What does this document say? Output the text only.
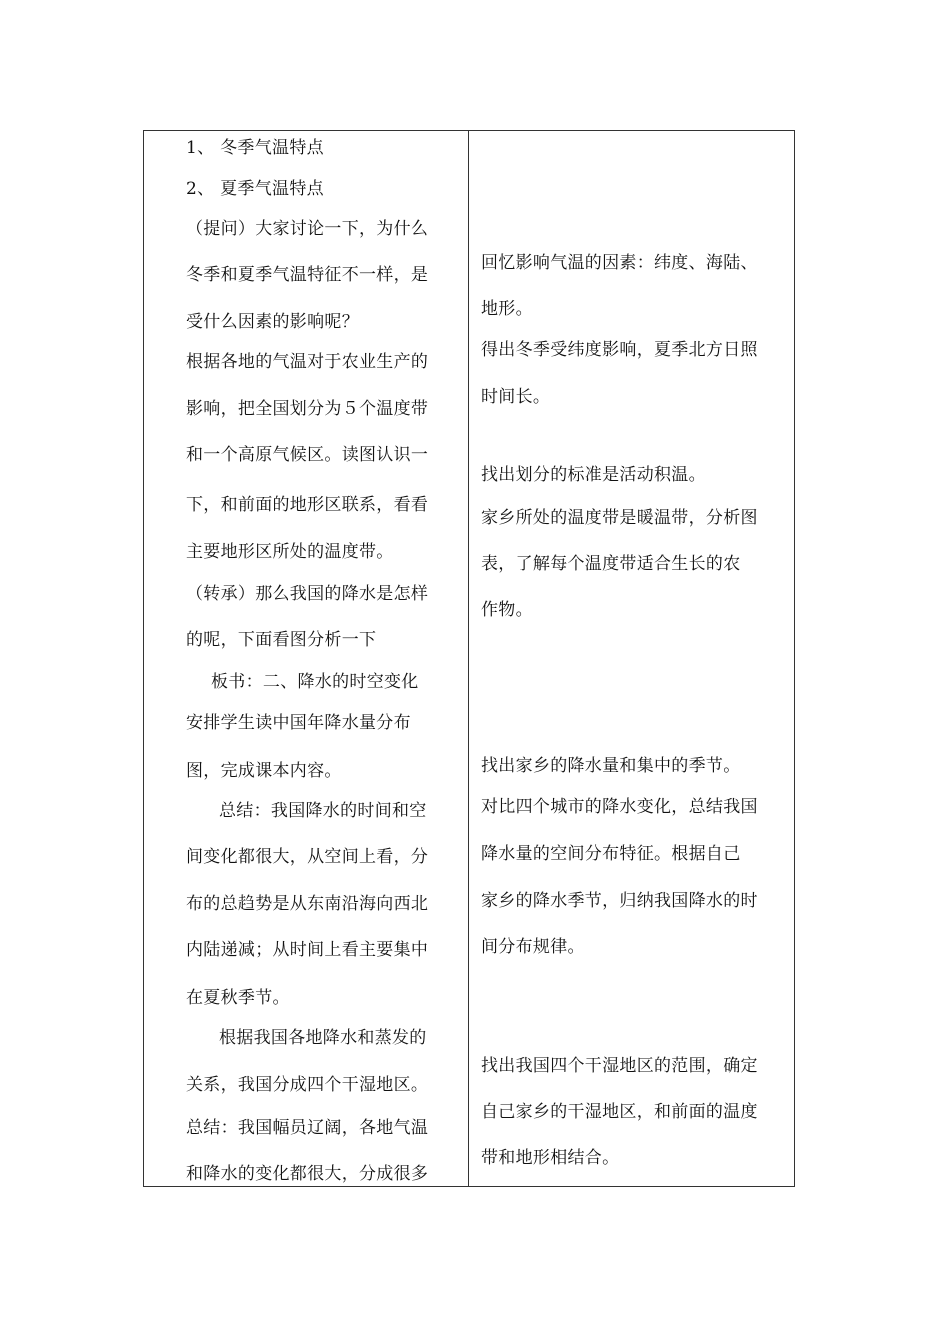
1、 冬季气温特点
2、 夏季气温特点
（提问）大家讨论一下，为什么
冬季和夏季气温特征不一样，是
受什么因素的影响呢？
根据各地的气温对于农业生产的
影响，把全国划分为５个温度带
和一个高原气候区。读图认识一
下，和前面的地形区联系，看看
主要地形区所处的温度带。
（转承）那么我国的降水是怎样
的呢，下面看图分析一下
板书：二、降水的时空变化
安排学生读中国年降水量分布
图，完成课本内容。
总结：我国降水的时间和空
间变化都很大，从空间上看，分
布的总趋势是从东南沿海向西北
内陆递减；从时间上看主要集中
在夏秋季节。
根据我国各地降水和蒸发的
关系，我国分成四个干湿地区。
总结：我国幅员辽阔，各地气温
和降水的变化都很大，分成很多
回忆影响气温的因素：纬度、海陆、
地形。
得出冬季受纬度影响，夏季北方日照
时间长。
找出划分的标准是活动积温。
家乡所处的温度带是暖温带，分析图
表，了解每个温度带适合生长的农
作物。
找出家乡的降水量和集中的季节。
对比四个城市的降水变化，总结我国
降水量的空间分布特征。根据自己
家乡的降水季节，归纳我国降水的时
间分布规律。
找出我国四个干湿地区的范围，确定
自己家乡的干湿地区，和前面的温度
带和地形相结合。
